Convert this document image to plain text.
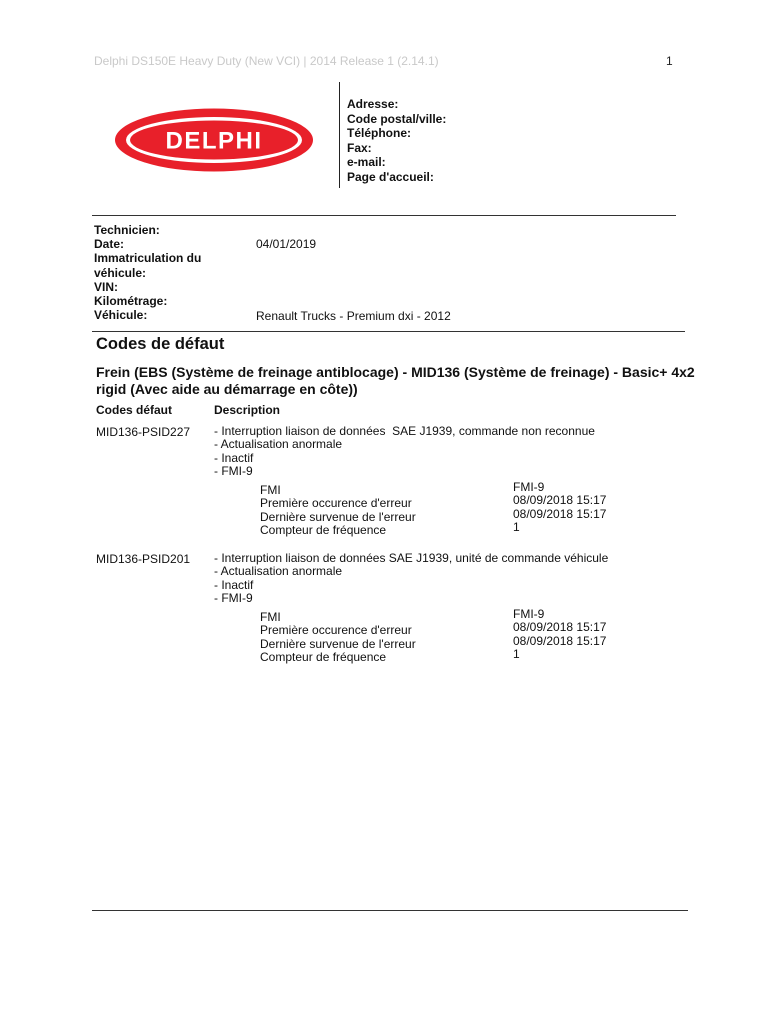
Delphi DS150E Heavy Duty (New VCI) | 2014 Release 1 (2.14.1)	1
DELPHI
Adresse:
Code postal/ville:
Téléphone:
Fax:
e-mail:
Page d'accueil:
Technicien:
Date:
Immatriculation du
véhicule:
VIN:
Kilométrage:
Véhicule:
04/01/2019
Renault Trucks - Premium dxi - 2012
Codes de défaut
Frein (EBS (Système de freinage antiblocage) - MID136 (Système de freinage) - Basic+ 4x2 rigid (Avec aide au démarrage en côte))
Codes défaut	Description
MID136-PSID227 - Interruption liaison de données  SAE J1939, commande non reconnue
- Actualisation anormale
- Inactif
- FMI-9
FMI
Première occurence d'erreur
Dernière survenue de l'erreur
Compteur de fréquence
FMI-9
08/09/2018 15:17
08/09/2018 15:17
1
MID136-PSID201 - Interruption liaison de données SAE J1939, unité de commande véhicule
- Actualisation anormale
- Inactif
- FMI-9
FMI
Première occurence d'erreur
Dernière survenue de l'erreur
Compteur de fréquence
FMI-9
08/09/2018 15:17
08/09/2018 15:17
1
